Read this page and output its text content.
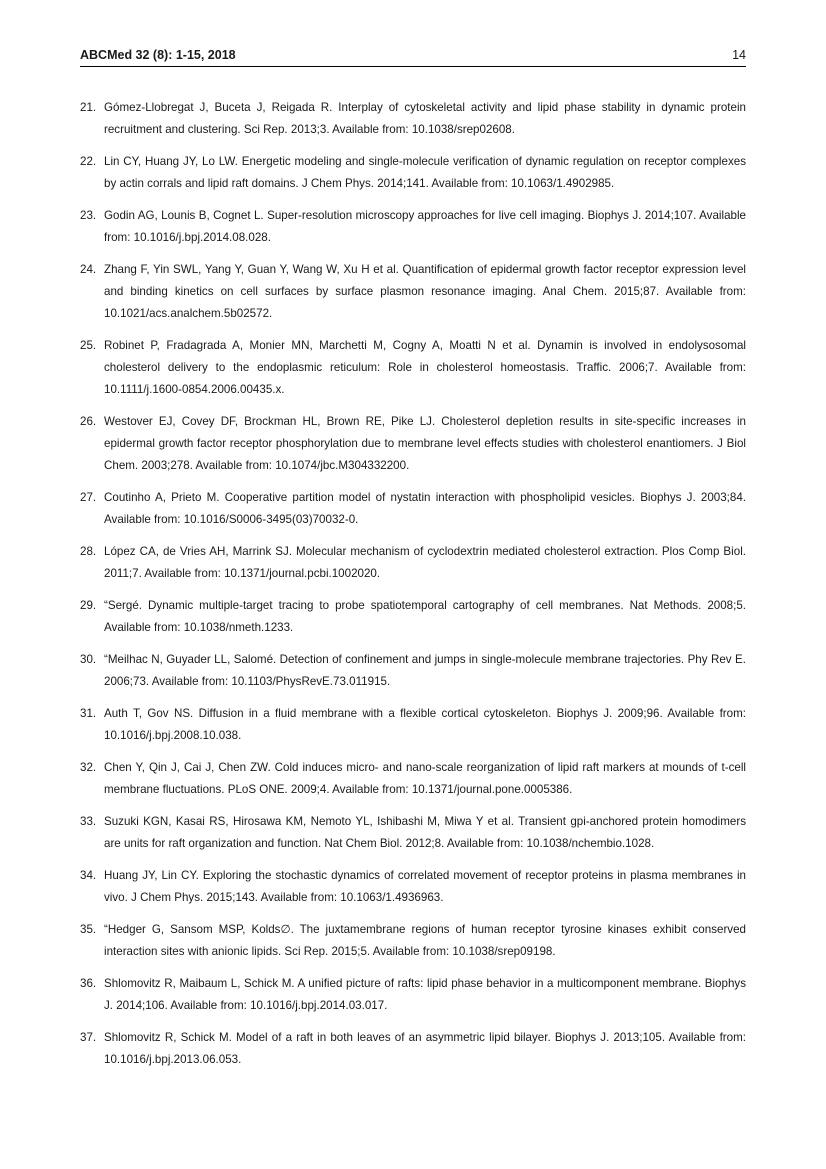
ABCMed 32 (8): 1-15, 2018	14
21. Gómez-Llobregat J, Buceta J, Reigada R. Interplay of cytoskeletal activity and lipid phase stability in dynamic protein recruitment and clustering. Sci Rep. 2013;3. Available from: 10.1038/srep02608.
22. Lin CY, Huang JY, Lo LW. Energetic modeling and single-molecule verification of dynamic regulation on receptor complexes by actin corrals and lipid raft domains. J Chem Phys. 2014;141. Available from: 10.1063/1.4902985.
23. Godin AG, Lounis B, Cognet L. Super-resolution microscopy approaches for live cell imaging. Biophys J. 2014;107. Available from: 10.1016/j.bpj.2014.08.028.
24. Zhang F, Yin SWL, Yang Y, Guan Y, Wang W, Xu H et al. Quantification of epidermal growth factor receptor expression level and binding kinetics on cell surfaces by surface plasmon resonance imaging. Anal Chem. 2015;87. Available from: 10.1021/acs.analchem.5b02572.
25. Robinet P, Fradagrada A, Monier MN, Marchetti M, Cogny A, Moatti N et al. Dynamin is involved in endolysosomal cholesterol delivery to the endoplasmic reticulum: Role in cholesterol homeostasis. Traffic. 2006;7. Available from: 10.1111/j.1600-0854.2006.00435.x.
26. Westover EJ, Covey DF, Brockman HL, Brown RE, Pike LJ. Cholesterol depletion results in site-specific increases in epidermal growth factor receptor phosphorylation due to membrane level effects studies with cholesterol enantiomers. J Biol Chem. 2003;278. Available from: 10.1074/jbc.M304332200.
27. Coutinho A, Prieto M. Cooperative partition model of nystatin interaction with phospholipid vesicles. Biophys J. 2003;84. Available from: 10.1016/S0006-3495(03)70032-0.
28. López CA, de Vries AH, Marrink SJ. Molecular mechanism of cyclodextrin mediated cholesterol extraction. Plos Comp Biol. 2011;7. Available from: 10.1371/journal.pcbi.1002020.
29. “Sergé. Dynamic multiple-target tracing to probe spatiotemporal cartography of cell membranes. Nat Methods. 2008;5. Available from: 10.1038/nmeth.1233.
30. “Meilhac N, Guyader LL, Salomé. Detection of confinement and jumps in single-molecule membrane trajectories. Phy Rev E. 2006;73. Available from: 10.1103/PhysRevE.73.011915.
31. Auth T, Gov NS. Diffusion in a fluid membrane with a flexible cortical cytoskeleton. Biophys J. 2009;96. Available from: 10.1016/j.bpj.2008.10.038.
32. Chen Y, Qin J, Cai J, Chen ZW. Cold induces micro- and nano-scale reorganization of lipid raft markers at mounds of t-cell membrane fluctuations. PLoS ONE. 2009;4. Available from: 10.1371/journal.pone.0005386.
33. Suzuki KGN, Kasai RS, Hirosawa KM, Nemoto YL, Ishibashi M, Miwa Y et al. Transient gpi-anchored protein homodimers are units for raft organization and function. Nat Chem Biol. 2012;8. Available from: 10.1038/nchembio.1028.
34. Huang JY, Lin CY. Exploring the stochastic dynamics of correlated movement of receptor proteins in plasma membranes in vivo. J Chem Phys. 2015;143. Available from: 10.1063/1.4936963.
35. “Hedger G, Sansom MSP, Kolds∅. The juxtamembrane regions of human receptor tyrosine kinases exhibit conserved interaction sites with anionic lipids. Sci Rep. 2015;5. Available from: 10.1038/srep09198.
36. Shlomovitz R, Maibaum L, Schick M. A unified picture of rafts: lipid phase behavior in a multicomponent membrane. Biophys J. 2014;106. Available from: 10.1016/j.bpj.2014.03.017.
37. Shlomovitz R, Schick M. Model of a raft in both leaves of an asymmetric lipid bilayer. Biophys J. 2013;105. Available from: 10.1016/j.bpj.2013.06.053.
